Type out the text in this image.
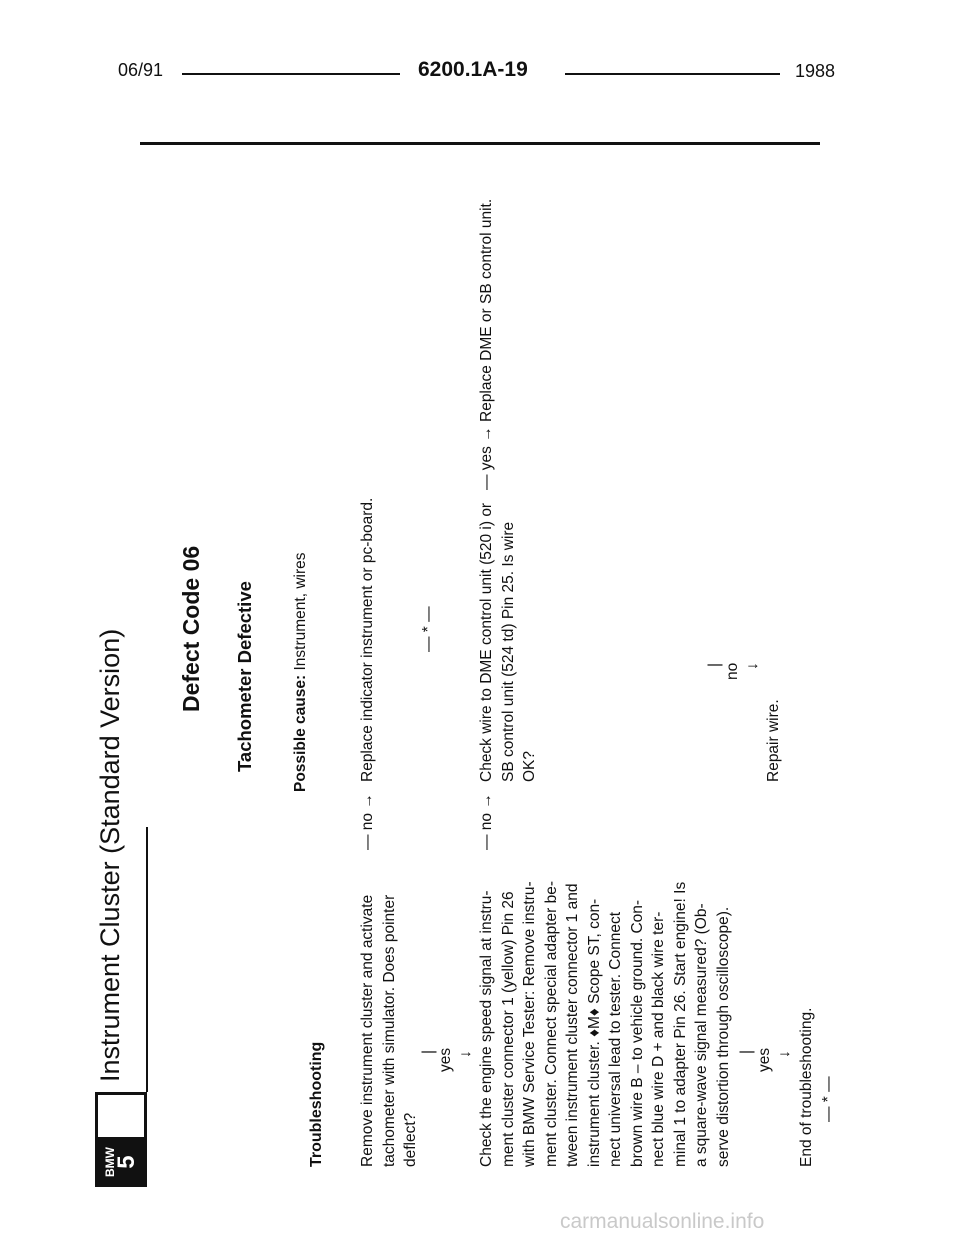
BMW
5
Instrument Cluster (Standard Version) Defect Code 06 Tachometer Defective Possible cause: Instrument, wires
Troubleshooting Remove instrument cluster and activate tachometer with simulator. Does pointer deflect?
— no →
Replace indicator instrument or pc-board.
| yes ↓
— * —
Check the engine speed signal at instru- ment cluster connector 1 (yellow) Pin 26 with BMW Service Tester: Remove instru- ment cluster. Connect special adapter be- tween instrument cluster connector 1 and instrument cluster. ♦M♦ Scope ST, con- nect universal lead to tester. Connect brown wire B – to vehicle ground. Con- nect blue wire D + and black wire ter- minal 1 to adapter Pin 26. Start engine! Is a square-wave signal measured? (Ob- serve distortion through oscilloscope).
— no →
| yes ↓ End of troubleshooting. — * —
Check wire to DME control unit (520 i) or SB control unit (524 td) Pin 25. Is wire OK?
— yes →
Replace DME or SB control unit.
| no ↓
Repair wire.
06/91	6200.1A-19	1988
carmanualsonline.info
